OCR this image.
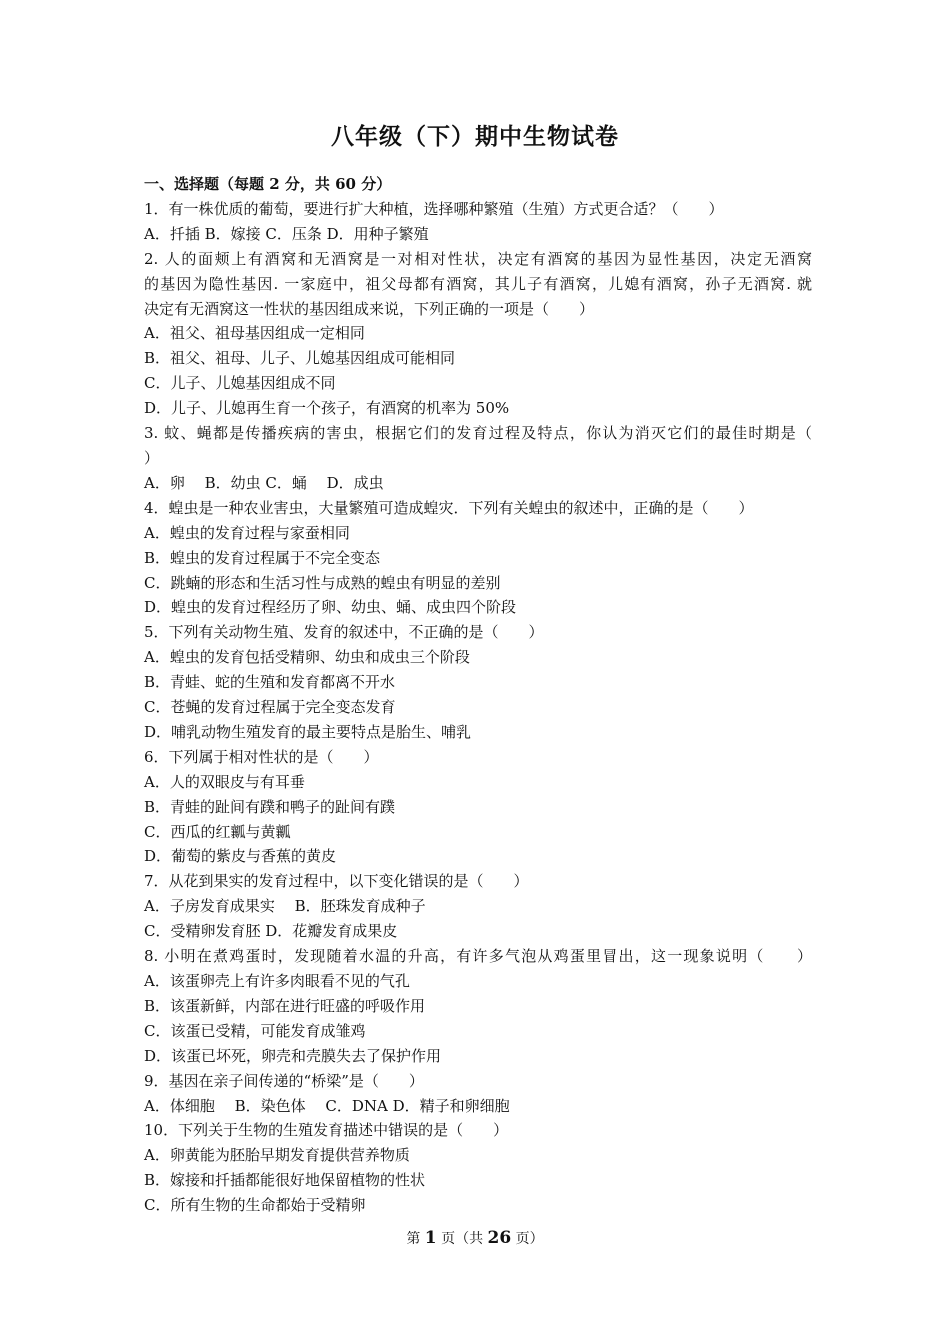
八年级（下）期中生物试卷
一、选择题（每题 2 分，共 60 分）
1．有一株优质的葡萄，要进行扩大种植，选择哪种繁殖（生殖）方式更合适？（　　）
A．扦插 B．嫁接 C．压条 D．用种子繁殖
2. 人的面颊上有酒窝和无酒窝是一对相对性状，决定有酒窝的基因为显性基因，决定无酒窝
的基因为隐性基因. 一家庭中，祖父母都有酒窝，其儿子有酒窝，儿媳有酒窝，孙子无酒窝. 就
决定有无酒窝这一性状的基因组成来说，下列正确的一项是（　　）
A．祖父、祖母基因组成一定相同
B．祖父、祖母、儿子、儿媳基因组成可能相同
C．儿子、儿媳基因组成不同
D．儿子、儿媳再生育一个孩子，有酒窝的机率为 50%
3. 蚊、蝇都是传播疾病的害虫，根据它们的发育过程及特点，你认为消灭它们的最佳时期是（
）
A．卵　 B．幼虫 C．蛹　 D．成虫
4．蝗虫是一种农业害虫，大量繁殖可造成蝗灾．下列有关蝗虫的叙述中，正确的是（　　）
A．蝗虫的发育过程与家蚕相同
B．蝗虫的发育过程属于不完全变态
C．跳蝻的形态和生活习性与成熟的蝗虫有明显的差别
D．蝗虫的发育过程经历了卵、幼虫、蛹、成虫四个阶段
5．下列有关动物生殖、发育的叙述中，不正确的是（　　）
A．蝗虫的发育包括受精卵、幼虫和成虫三个阶段
B．青蛙、蛇的生殖和发育都离不开水
C．苍蝇的发育过程属于完全变态发育
D．哺乳动物生殖发育的最主要特点是胎生、哺乳
6．下列属于相对性状的是（　　）
A．人的双眼皮与有耳垂
B．青蛙的趾间有蹼和鸭子的趾间有蹼
C．西瓜的红瓤与黄瓤
D．葡萄的紫皮与香蕉的黄皮
7．从花到果实的发育过程中，以下变化错误的是（　　）
A．子房发育成果实　 B．胚珠发育成种子
C．受精卵发育胚 D．花瓣发育成果皮
8. 小明在煮鸡蛋时，发现随着水温的升高，有许多气泡从鸡蛋里冒出，这一现象说明（　　）
A．该蛋卵壳上有许多肉眼看不见的气孔
B．该蛋新鲜，内部在进行旺盛的呼吸作用
C．该蛋已受精，可能发育成雏鸡
D．该蛋已坏死，卵壳和壳膜失去了保护作用
9．基因在亲子间传递的“桥梁”是（　　）
A．体细胞　 B．染色体　 C．DNA D．精子和卵细胞
10．下列关于生物的生殖发育描述中错误的是（　　）
A．卵黄能为胚胎早期发育提供营养物质
B．嫁接和扦插都能很好地保留植物的性状
C．所有生物的生命都始于受精卵
第 1 页（共 26 页）
